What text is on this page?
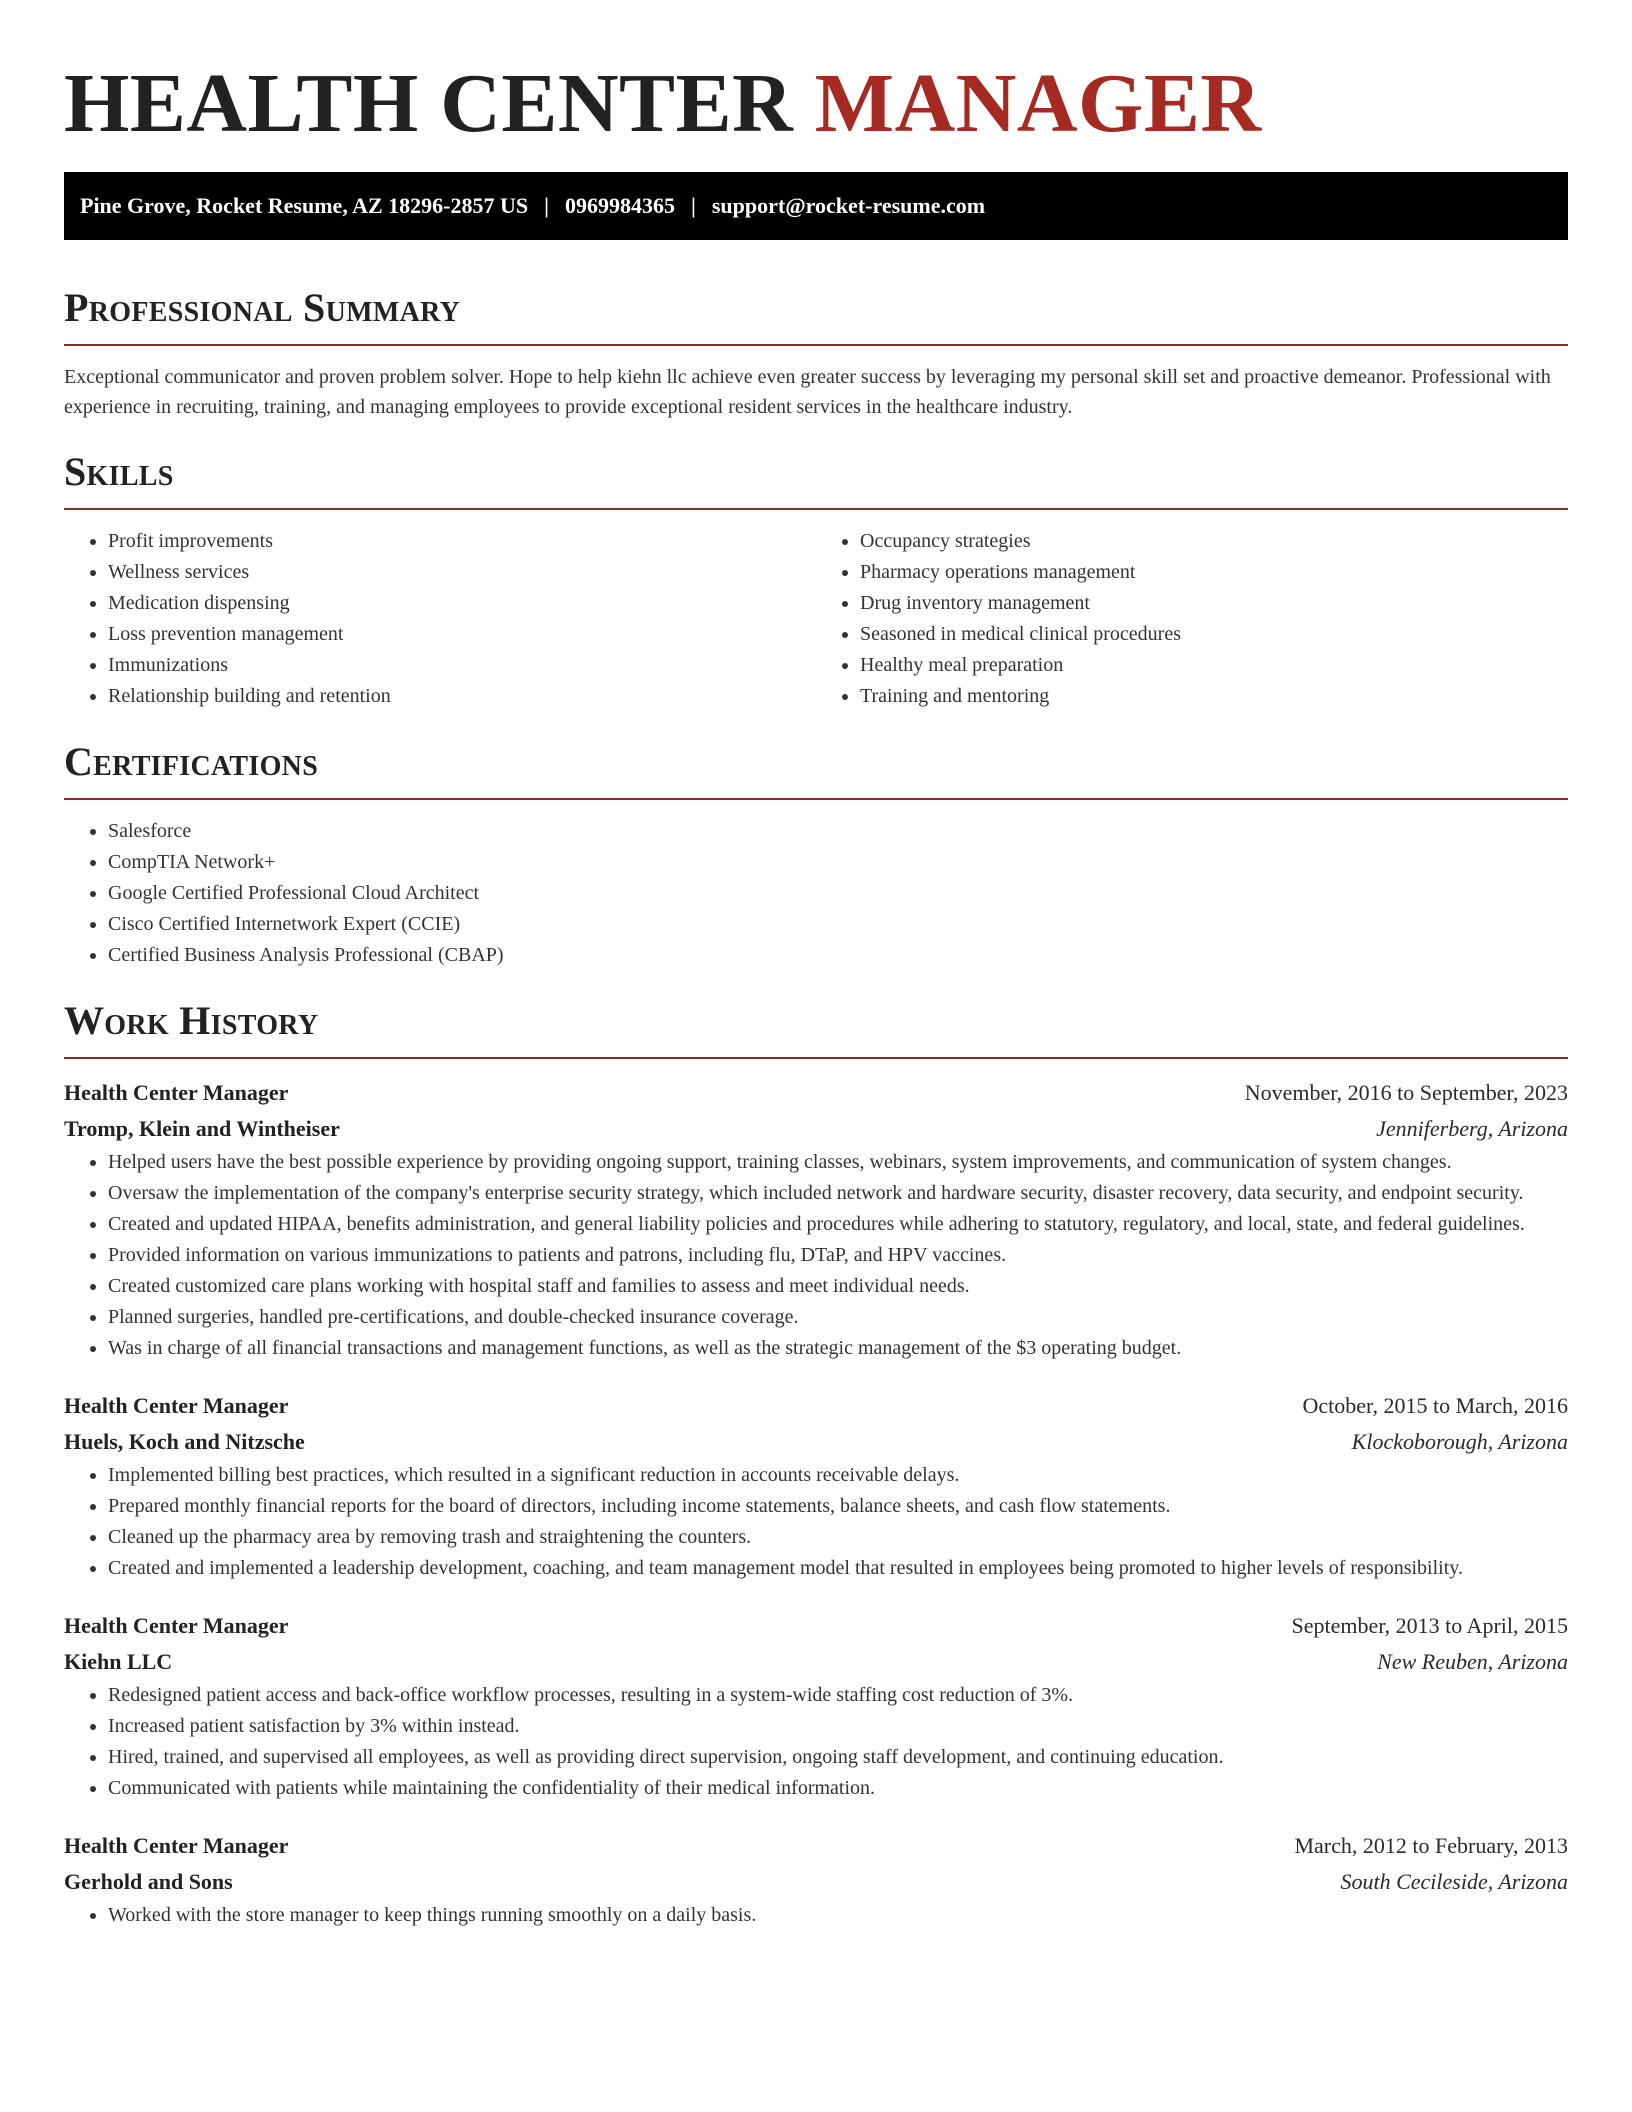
HEALTH CENTER MANAGER
Pine Grove, Rocket Resume, AZ 18296-2857 US | 0969984365 | support@rocket-resume.com
Professional Summary

Exceptional communicator and proven problem solver. Hope to help kiehn llc achieve even greater success by leveraging my personal skill set and proactive demeanor. Professional with experience in recruiting, training, and managing employees to provide exceptional resident services in the healthcare industry.

Skills
• Profit improvements
• Wellness services
• Medication dispensing
• Loss prevention management
• Immunizations
• Relationship building and retention
• Occupancy strategies
• Pharmacy operations management
• Drug inventory management
• Seasoned in medical clinical procedures
• Healthy meal preparation
• Training and mentoring
Certifications
• Salesforce
• CompTIA Network+
• Google Certified Professional Cloud Architect
• Cisco Certified Internetwork Expert (CCIE)
• Certified Business Analysis Professional (CBAP)
Work History
Health Center Manager	November, 2016 to September, 2023
Tromp, Klein and Wintheiser	Jenniferberg, Arizona
• Helped users have the best possible experience by providing ongoing support, training classes, webinars, system improvements, and communication of system changes.
• Oversaw the implementation of the company's enterprise security strategy, which included network and hardware security, disaster recovery, data security, and endpoint security.
• Created and updated HIPAA, benefits administration, and general liability policies and procedures while adhering to statutory, regulatory, and local, state, and federal guidelines.
• Provided information on various immunizations to patients and patrons, including flu, DTaP, and HPV vaccines.
• Created customized care plans working with hospital staff and families to assess and meet individual needs.
• Planned surgeries, handled pre-certifications, and double-checked insurance coverage.
• Was in charge of all financial transactions and management functions, as well as the strategic management of the $3 operating budget.
Health Center Manager	October, 2015 to March, 2016
Huels, Koch and Nitzsche	Klockoborough, Arizona
• Implemented billing best practices, which resulted in a significant reduction in accounts receivable delays.
• Prepared monthly financial reports for the board of directors, including income statements, balance sheets, and cash flow statements.
• Cleaned up the pharmacy area by removing trash and straightening the counters.
• Created and implemented a leadership development, coaching, and team management model that resulted in employees being promoted to higher levels of responsibility.
Health Center Manager	September, 2013 to April, 2015
Kiehn LLC	New Reuben, Arizona
• Redesigned patient access and back-office workflow processes, resulting in a system-wide staffing cost reduction of 3%.
• Increased patient satisfaction by 3% within instead.
• Hired, trained, and supervised all employees, as well as providing direct supervision, ongoing staff development, and continuing education.
• Communicated with patients while maintaining the confidentiality of their medical information.
Health Center Manager	March, 2012 to February, 2013
Gerhold and Sons	South Cecileside, Arizona
• Worked with the store manager to keep things running smoothly on a daily basis.
